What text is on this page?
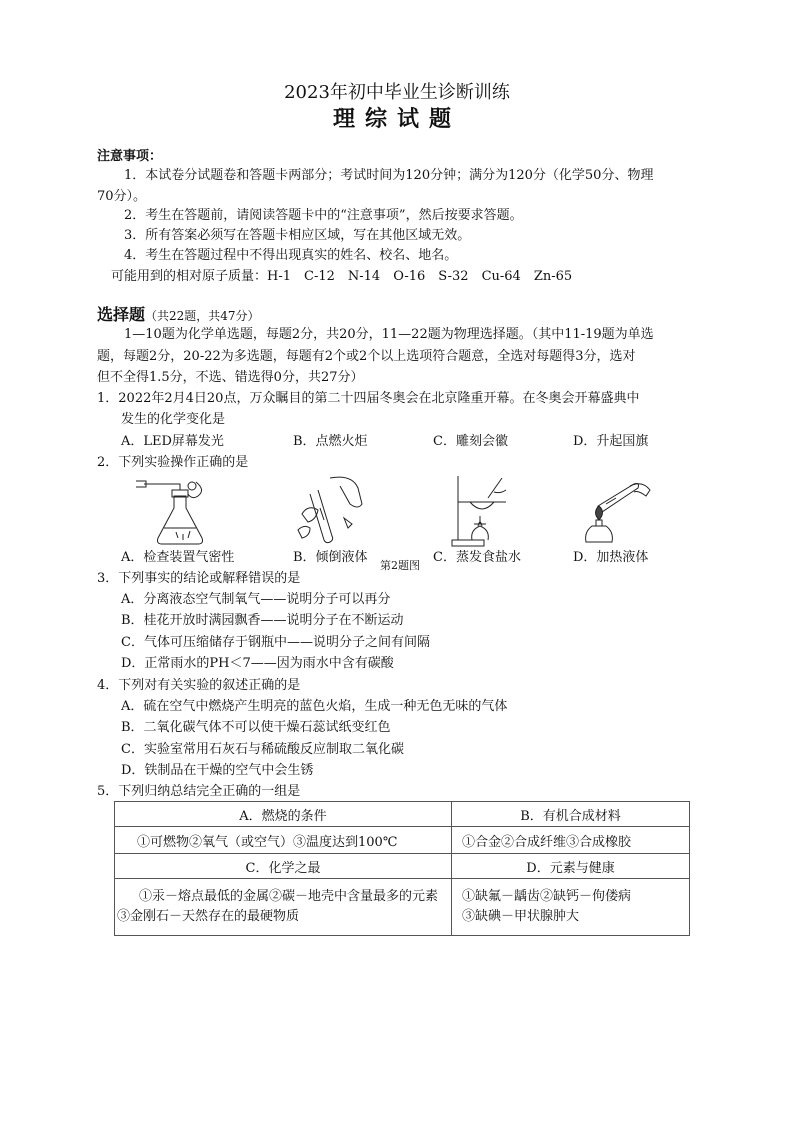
2023年初中毕业生诊断训练
理综试题
注意事项：
1．本试卷分试题卷和答题卡两部分；考试时间为120分钟；满分为120分（化学50分、物理
70分）。
2．考生在答题前，请阅读答题卡中的“注意事项”，然后按要求答题。
3．所有答案必须写在答题卡相应区域，写在其他区域无效。
4．考生在答题过程中不得出现真实的姓名、校名、地名。
可能用到的相对原子质量：H-1　C-12　N-14　O-16　S-32　Cu-64　Zn-65
选择题（共22题，共47分）
1—10题为化学单选题，每题2分，共20分，11—22题为物理选择题。（其中11-19题为单选
题，每题2分，20-22为多选题，每题有2个或2个以上选项符合题意，全选对每题得3分，选对
但不全得1.5分，不选、错选得0分，共27分）
1．2022年2月4日20点，万众瞩目的第二十四届冬奥会在北京隆重开幕。在冬奥会开幕盛典中
发生的化学变化是
A．LED屏幕发光	B．点燃火炬	C．雕刻会徽	D．升起国旗
2．下列实验操作正确的是
A．检查装置气密性	B．倾倒液体
第2题图
C．蒸发食盐水	D．加热液体
3．下列事实的结论或解释错误的是
A．分离液态空气制氧气——说明分子可以再分
B．桂花开放时满园飘香——说明分子在不断运动
C．气体可压缩储存于钢瓶中——说明分子之间有间隔
D．正常雨水的PH＜7——因为雨水中含有碳酸
4．下列对有关实验的叙述正确的是
A．硫在空气中燃烧产生明亮的蓝色火焰，生成一种无色无味的气体
B．二氧化碳气体不可以使干燥石蕊试纸变红色
C．实验室常用石灰石与稀硫酸反应制取二氧化碳
D．铁制品在干燥的空气中会生锈
5．下列归纳总结完全正确的一组是
A．燃烧的条件	B．有机合成材料
①可燃物②氧气（或空气）③温度达到100℃	①合金②合成纤维③合成橡胶
C．化学之最	D．元素与健康
①汞－熔点最低的金属②碳－地壳中含量最多的元素③金刚石－天然存在的最硬物质	①缺氟－龋齿②缺钙－佝偻病
③缺碘－甲状腺肿大
